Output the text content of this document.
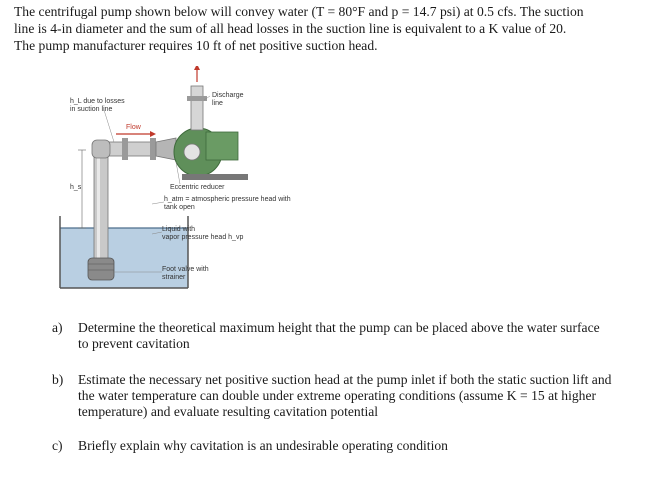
The centrifugal pump shown below will convey water (T = 80°F and p = 14.7 psi) at 0.5 cfs. The suction
line is 4-in diameter and the sum of all head losses in the suction line is equivalent to a K value of 20.
The pump manufacturer requires 10 ft of net positive suction head.
h_L due to losses
in suction line
Flow
Discharge
line
h_s	Eccentric reducer
h_atm = atmospheric pressure head with
tank open
Liquid with
vapor pressure head h_vp
Foot valve with
strainer
a) Determine the theoretical maximum height that the pump can be placed above the water surface
to prevent cavitation
b) Estimate the necessary net positive suction head at the pump inlet if both the static suction lift and
the water temperature can double under extreme operating conditions (assume K = 15 at higher
temperature) and evaluate resulting cavitation potential
c) Briefly explain why cavitation is an undesirable operating condition
